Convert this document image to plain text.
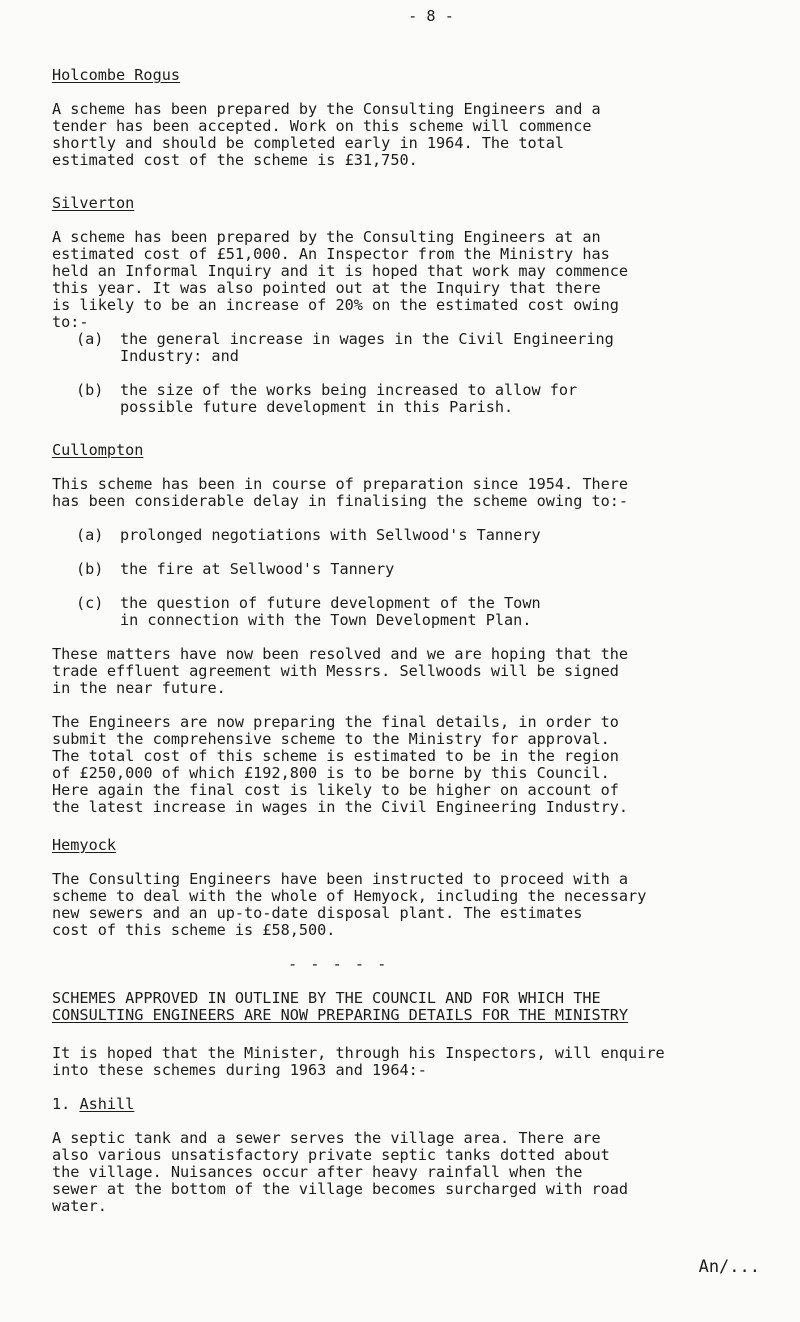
- 8 -

Holcombe Rogus

A scheme has been prepared by the Consulting Engineers and a
tender has been accepted. Work on this scheme will commence
shortly and should be completed early in 1964. The total
estimated cost of the scheme is £31,750.

Silverton

A scheme has been prepared by the Consulting Engineers at an
estimated cost of £51,000. An Inspector from the Ministry has
held an Informal Inquiry and it is hoped that work may commence
this year. It was also pointed out at the Inquiry that there
is likely to be an increase of 20% on the estimated cost owing
to:-

(a)	the general increase in wages in the Civil Engineering
Industry: and
(b)	the size of the works being increased to allow for
possible future development in this Parish.

Cullompton

This scheme has been in course of preparation since 1954. There
has been considerable delay in finalising the scheme owing to:-

(a)	prolonged negotiations with Sellwood's Tannery
(b)	the fire at Sellwood's Tannery
(c)	the question of future development of the Town
in connection with the Town Development Plan.

These matters have now been resolved and we are hoping that the
trade effluent agreement with Messrs. Sellwoods will be signed
in the near future.

The Engineers are now preparing the final details, in order to
submit the comprehensive scheme to the Ministry for approval.
The total cost of this scheme is estimated to be in the region
of £250,000 of which £192,800 is to be borne by this Council.
Here again the final cost is likely to be higher on account of
the latest increase in wages in the Civil Engineering Industry.

Hemyock

The Consulting Engineers have been instructed to proceed with a
scheme to deal with the whole of Hemyock, including the necessary
new sewers and an up-to-date disposal plant. The estimates
cost of this scheme is £58,500.

- - - - -

SCHEMES APPROVED IN OUTLINE BY THE COUNCIL AND FOR WHICH THE

CONSULTING ENGINEERS ARE NOW PREPARING DETAILS FOR THE MINISTRY

It is hoped that the Minister, through his Inspectors, will enquire
into these schemes during 1963 and 1964:-

1. Ashill

A septic tank and a sewer serves the village area. There are
also various unsatisfactory private septic tanks dotted about
the village. Nuisances occur after heavy rainfall when the
sewer at the bottom of the village becomes surcharged with road
water.

An/...
